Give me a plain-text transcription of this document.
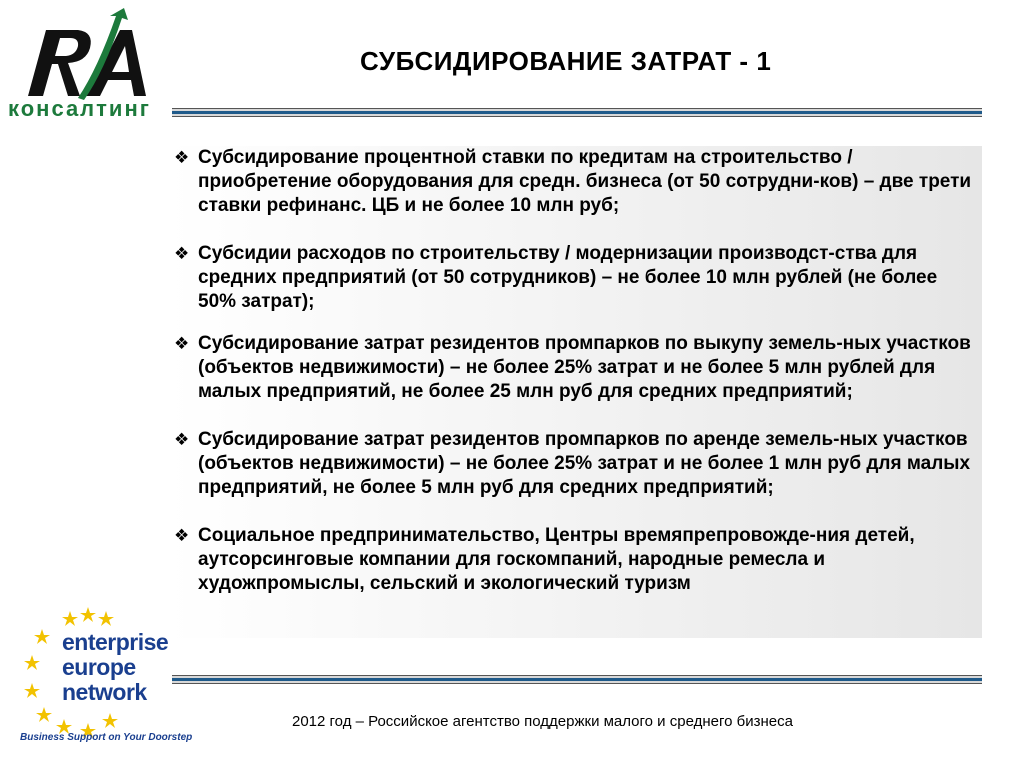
консалтинг
СУБСИДИРОВАНИЕ ЗАТРАТ - 1
❖ Субсидирование процентной ставки по кредитам на строительство / приобретение оборудования для средн. бизнеса (от 50 сотрудни-ков) – две трети ставки рефинанс. ЦБ и не более 10 млн руб;
❖ Субсидии расходов по строительству / модернизации производст-ства для средних предприятий (от 50 сотрудников) – не более 10 млн рублей (не более 50% затрат);
❖ Субсидирование затрат резидентов промпарков по выкупу земель-ных участков (объектов недвижимости) – не более 25% затрат и не более 5 млн рублей для малых предприятий, не более 25 млн руб для средних предприятий;
❖ Субсидирование затрат резидентов промпарков по аренде земель-ных участков (объектов недвижимости) – не более 25% затрат и не более 1 млн руб для малых предприятий, не более 5 млн руб для средних предприятий;
❖ Социальное предпринимательство, Центры времяпрепровожде-ния детей, аутсорсинговые компании для госкомпаний, народные ремесла и художпромыслы, сельский и экологический туризм
enterprise
europe
network
Business Support on Your Doorstep
2012 год – Российское агентство поддержки малого и среднего бизнеса
